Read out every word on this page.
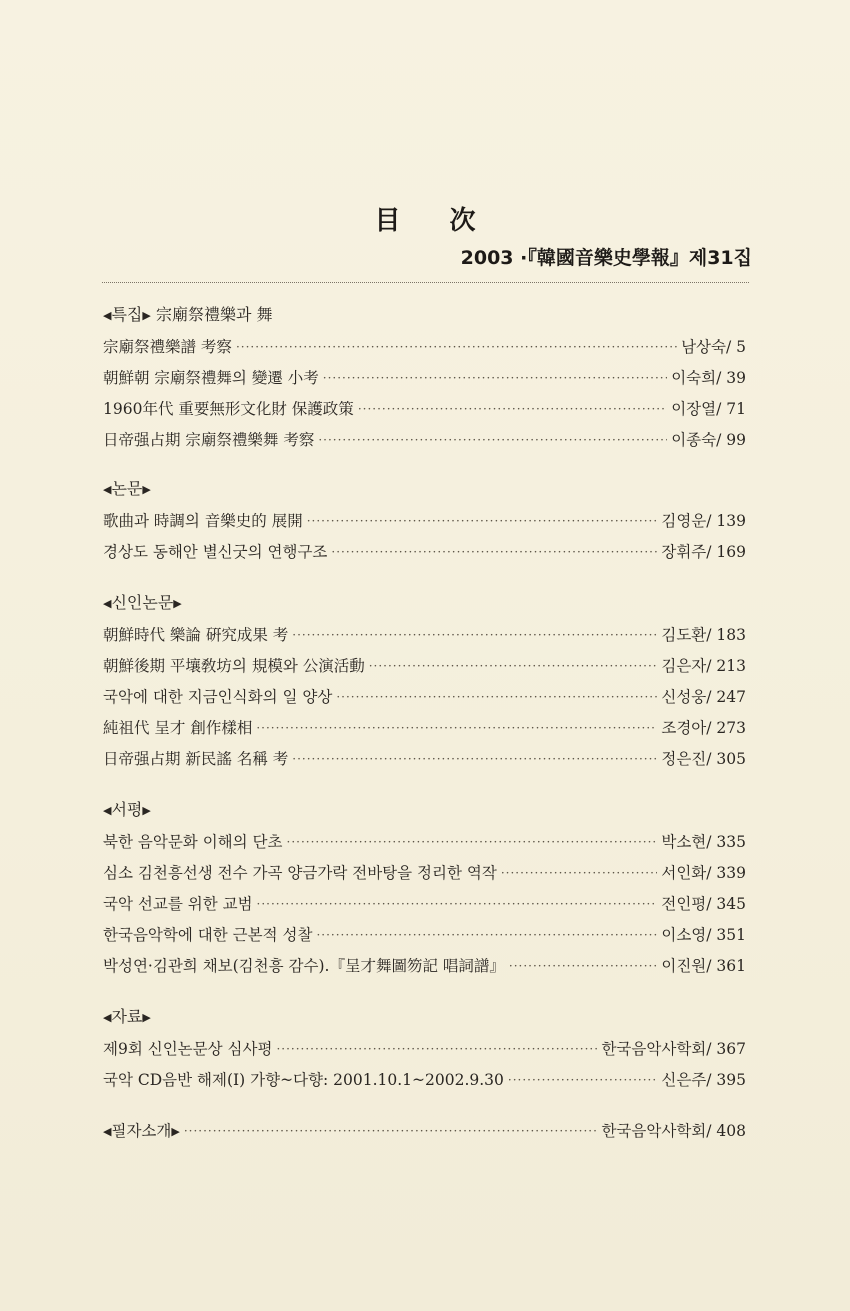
目 次
2003 ·『韓國音樂史學報』제31집
◀특집▶ 宗廟祭禮樂과 舞
宗廟祭禮樂譜 考察 ·····	남상숙/ 5
朝鮮朝 宗廟祭禮舞의 變遷 小考 ·····	이숙희/ 39
1960年代 重要無形文化財 保護政策 ·····	이장열/ 71
日帝强占期 宗廟祭禮樂舞 考察 ·····	이종숙/ 99
◀논문▶
歌曲과 時調의 音樂史的 展開 ·····	김영운/ 139
경상도 동해안 별신굿의 연행구조 ·····	장휘주/ 169
◀신인논문▶
朝鮮時代 樂論 硏究成果 考 ·····	김도환/ 183
朝鮮後期 平壤敎坊의 規模와 公演活動 ·····	김은자/ 213
국악에 대한 지금인식화의 일 양상 ·····	신성웅/ 247
純祖代 呈才 創作樣相 ·····	조경아/ 273
日帝强占期 新民謠 名稱 考 ·····	정은진/ 305
◀서평▶
북한 음악문화 이해의 단초 ·····	박소현/ 335
심소 김천흥선생 전수 가곡 양금가락 전바탕을 정리한 역작 ·····	서인화/ 339
국악 선교를 위한 교범 ·····	전인평/ 345
한국음악학에 대한 근본적 성찰 ·····	이소영/ 351
박성연·김관희 채보(김천흥 감수).『呈才舞圖笏記 唱詞譜』 ·····	이진원/ 361
◀자료▶
제9회 신인논문상 심사평 ·····	한국음악사학회/ 367
국악 CD음반 해제(I) 가향~다향: 2001.10.1~2002.9.30 ·····	신은주/ 395
◀필자소개▶ ·····	한국음악사학회/ 408
